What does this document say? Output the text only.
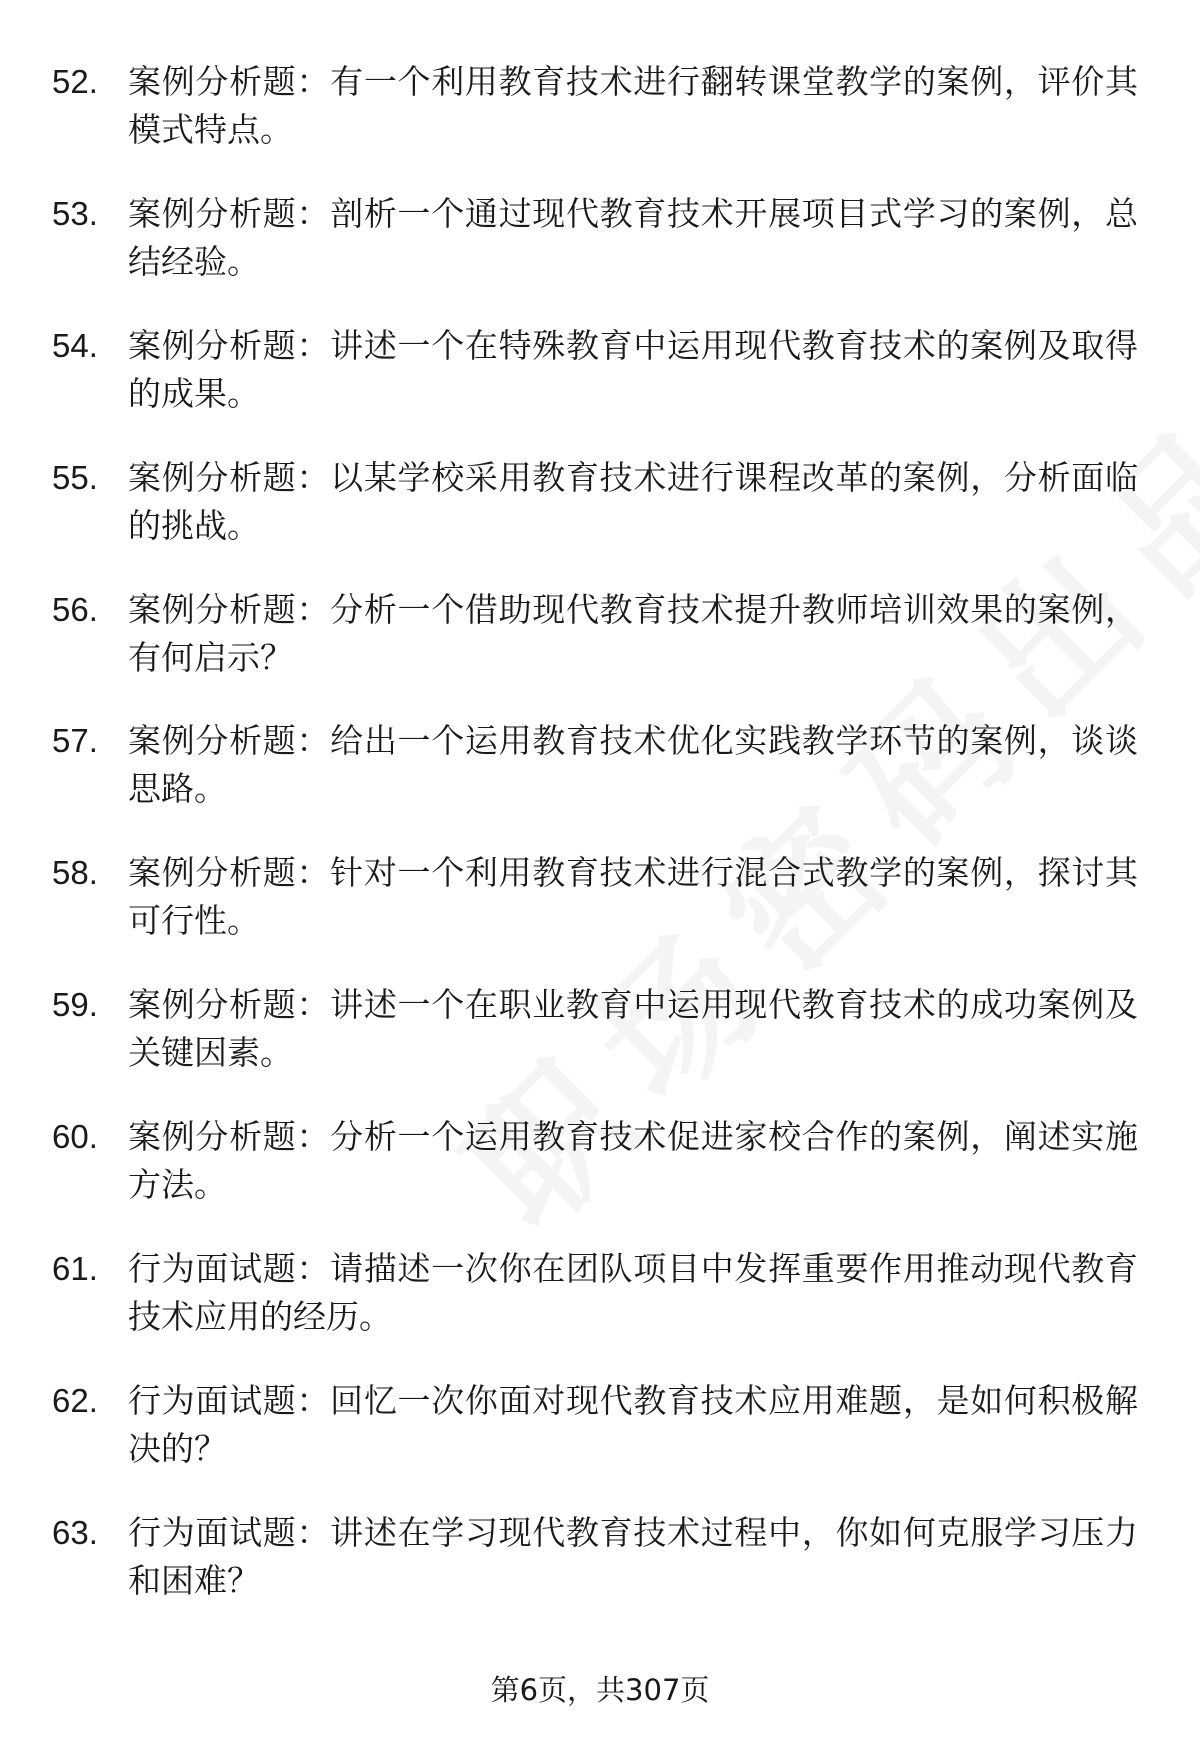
52. 案例分析题：有一个利用教育技术进行翻转课堂教学的案例，评价其模式特点。
53. 案例分析题：剖析一个通过现代教育技术开展项目式学习的案例，总结经验。
54. 案例分析题：讲述一个在特殊教育中运用现代教育技术的案例及取得的成果。
55. 案例分析题：以某学校采用教育技术进行课程改革的案例，分析面临的挑战。
56. 案例分析题：分析一个借助现代教育技术提升教师培训效果的案例，有何启示？
57. 案例分析题：给出一个运用教育技术优化实践教学环节的案例，谈谈思路。
58. 案例分析题：针对一个利用教育技术进行混合式教学的案例，探讨其可行性。
59. 案例分析题：讲述一个在职业教育中运用现代教育技术的成功案例及关键因素。
60. 案例分析题：分析一个运用教育技术促进家校合作的案例，阐述实施方法。
61. 行为面试题：请描述一次你在团队项目中发挥重要作用推动现代教育技术应用的经历。
62. 行为面试题：回忆一次你面对现代教育技术应用难题，是如何积极解决的？
63. 行为面试题：讲述在学习现代教育技术过程中，你如何克服学习压力和困难？
第6页，共307页
